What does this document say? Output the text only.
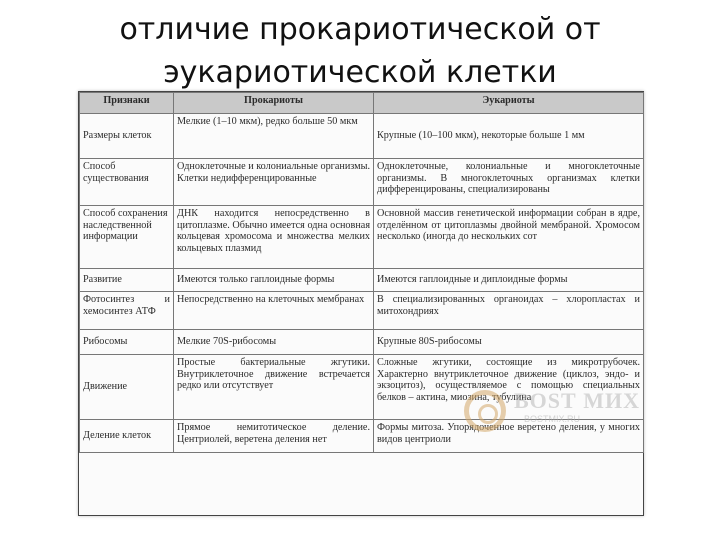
отличие прокариотической от
эукариотической клетки
Признаки	Прокариоты	Эукариоты
Размеры клеток	Мелкие (1–10 мкм), редко больше 50 мкм	Крупные (10–100 мкм), некоторые больше 1 мм
Способ существования	Одноклеточные и колониальные организмы. Клетки недифференцированные	Одноклеточные, колониальные и многоклеточные организмы. В многоклеточных организмах клетки дифференцированы, специализированы
Способ сохранения наследственной информации	ДНК находится непосредственно в цитоплазме. Обычно имеется одна основная кольцевая хромосома и множества мелких кольцевых плазмид	Основной массив генетической информации собран в ядре, отделённом от цитоплазмы двойной мембраной. Хромосом несколько (иногда до нескольких сот
Развитие	Имеются только гаплоидные формы	Имеются гаплоидные и диплоидные формы
Фотосинтез и хемосинтез АТФ	Непосредственно на клеточных мембранах	В специализированных органоидах – хлоропластах и митохондриях
Рибосомы	Мелкие 70S-рибосомы	Крупные 80S-рибосомы
Движение	Простые бактериальные жгутики. Внутриклеточное движение встречается редко или отсутствует	Сложные жгутики, состоящие из микротрубочек. Характерно внутриклеточное движение (циклоз, эндо- и экзоцитоз), осуществляемое с помощью специальных белков – актина, миозина, тубулина
Деление клеток	Прямое немитотическое деление. Центриолей, веретена деления нет	Формы митоза. Упорядоченное веретено деления, у многих видов центриоли
ВОSТ МИХ
BOSTMIX.RU
